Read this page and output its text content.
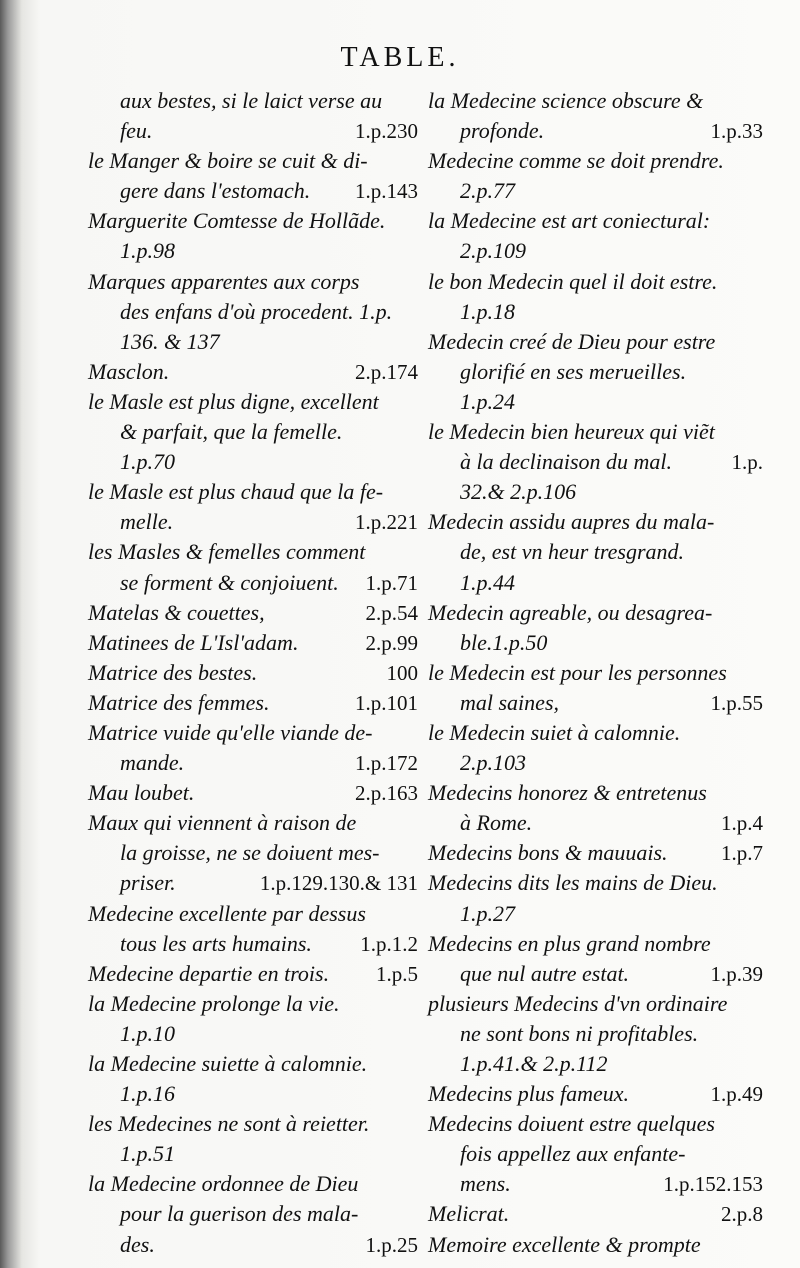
TABLE.
aux bestes, si le laict verse au
feu.	1.p.230
le Manger & boire se cuit & di-
gere dans l'estomach. 1.p.143
Marguerite Comtesse de Hollãde.
1.p.98
Marques apparentes aux corps
des enfans d'où procedent. 1.p.
136. & 137
Masclon.	2.p.174
le Masle est plus digne, excellent
& parfait, que la femelle.
1.p.70
le Masle est plus chaud que la fe-
melle.	1.p.221
les Masles & femelles comment
se forment & conjoiuent. 1.p.71
Matelas & couettes,	2.p.54
Matinees de L'Isl'adam.	2.p.99
Matrice des bestes.	100
Matrice des femmes.	1.p.101
Matrice vuide qu'elle viande de-
mande.	1.p.172
Mau loubet.	2.p.163
Maux qui viennent à raison de
la groisse, ne se doiuent mes-
priser.	1.p.129.130.& 131
Medecine excellente par dessus
tous les arts humains. 1.p.1.2
Medecine departie en trois. 1.p.5
la Medecine prolonge la vie.
1.p.10
la Medecine suiette à calomnie.
1.p.16
les Medecines ne sont à reietter.
1.p.51
la Medecine ordonnee de Dieu
pour la guerison des mala-
des.	1.p.25
la Medecine science obscure &
profonde.	1.p.33
Medecine comme se doit prendre.
2.p.77
la Medecine est art coniectural:
2.p.109
le bon Medecin quel il doit estre.
1.p.18
Medecin creé de Dieu pour estre
glorifié en ses merueilles.
1.p.24
le Medecin bien heureux qui viẽt
à la declinaison du mal.	1.p.
32.& 2.p.106
Medecin assidu aupres du mala-
de, est vn heur tresgrand.
1.p.44
Medecin agreable, ou desagrea-
ble.1.p.50
le Medecin est pour les personnes
mal saines,	1.p.55
le Medecin suiet à calomnie.
2.p.103
Medecins honorez & entretenus
à Rome.	1.p.4
Medecins bons & mauuais.	1.p.7
Medecins dits les mains de Dieu.
1.p.27
Medecins en plus grand nombre
que nul autre estat.	1.p.39
plusieurs Medecins d'vn ordinaire
ne sont bons ni profitables.
1.p.41.& 2.p.112
Medecins plus fameux.	1.p.49
Medecins doiuent estre quelques
fois appellez aux enfante-
mens.	1.p.152.153
Melicrat.	2.p.8
Memoire excellente & prompte
